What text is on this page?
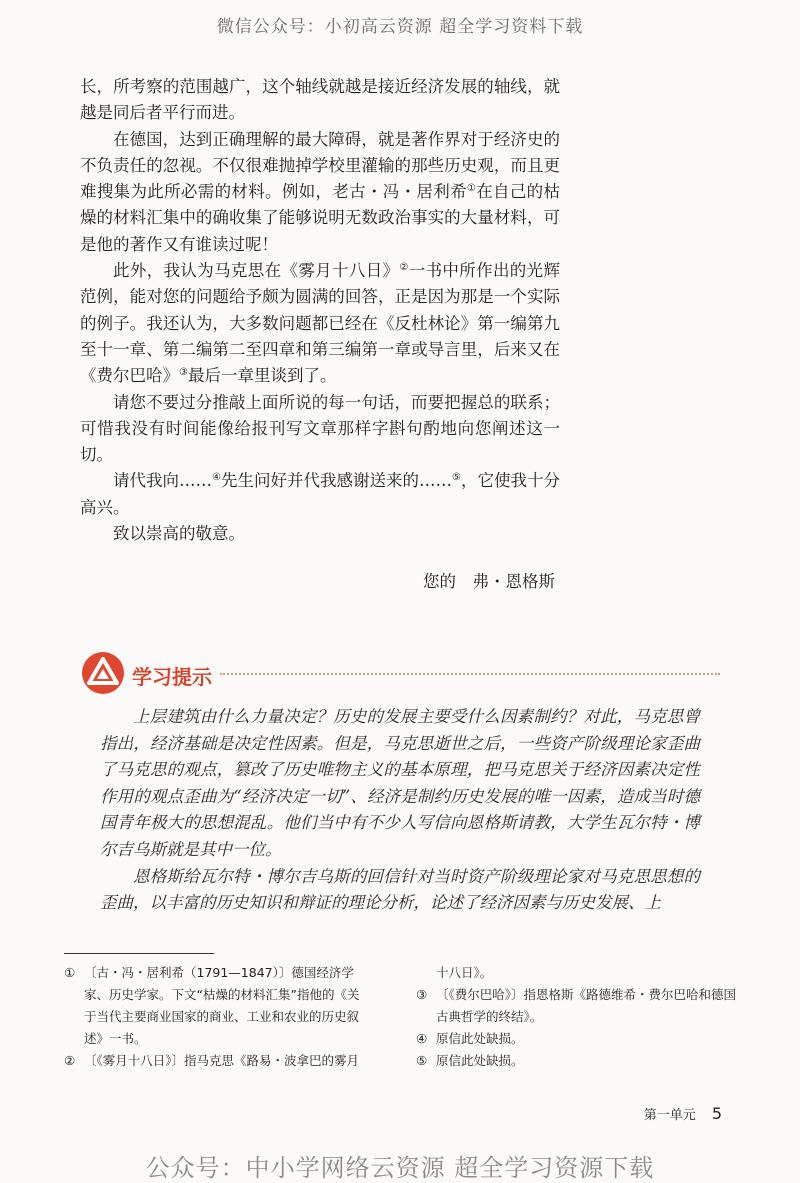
微信公众号：小初高云资源 超全学习资料下载

长，所考察的范围越广，这个轴线就越是接近经济发展的轴线，就越是同后者平行而进。

在德国，达到正确理解的最大障碍，就是著作界对于经济史的不负责任的忽视。不仅很难抛掉学校里灌输的那些历史观，而且更难搜集为此所必需的材料。例如，老古・冯・居利希①在自己的枯燥的材料汇集中的确收集了能够说明无数政治事实的大量材料，可是他的著作又有谁读过呢！

此外，我认为马克思在《雾月十八日》②一书中所作出的光辉范例，能对您的问题给予颇为圆满的回答，正是因为那是一个实际的例子。我还认为，大多数问题都已经在《反杜林论》第一编第九至十一章、第二编第二至四章和第三编第一章或导言里，后来又在《费尔巴哈》③最后一章里谈到了。

请您不要过分推敲上面所说的每一句话，而要把握总的联系；可惜我没有时间能像给报刊写文章那样字斟句酌地向您阐述这一切。

请代我向……④先生问好并代我感谢送来的……⑤，它使我十分高兴。

致以崇高的敬意。

您的　弗・恩格斯
学习提示

上层建筑由什么力量决定？历史的发展主要受什么因素制约？对此，马克思曾指出，经济基础是决定性因素。但是，马克思逝世之后，一些资产阶级理论家歪曲了马克思的观点，篡改了历史唯物主义的基本原理，把马克思关于经济因素决定性作用的观点歪曲为“经济决定一切”、经济是制约历史发展的唯一因素，造成当时德国青年极大的思想混乱。他们当中有不少人写信向恩格斯请教，大学生瓦尔特・博尔吉乌斯就是其中一位。

恩格斯给瓦尔特・博尔吉乌斯的回信针对当时资产阶级理论家对马克思思想的歪曲，以丰富的历史知识和辩证的理论分析，论述了经济因素与历史发展、上

① 〔古・冯・居利希（1791—1847）〕德国经济学家、历史学家。下文“枯燥的材料汇集”指他的《关于当代主要商业国家的商业、工业和农业的历史叙述》一书。
② 〔《雾月十八日》〕指马克思《路易・波拿巴的雾月
十八日》。
③ 〔《费尔巴哈》〕指恩格斯《路德维希・费尔巴哈和德国古典哲学的终结》。
④ 原信此处缺损。
⑤ 原信此处缺损。
第一单元 5
公众号：中小学网络云资源 超全学习资源下载
